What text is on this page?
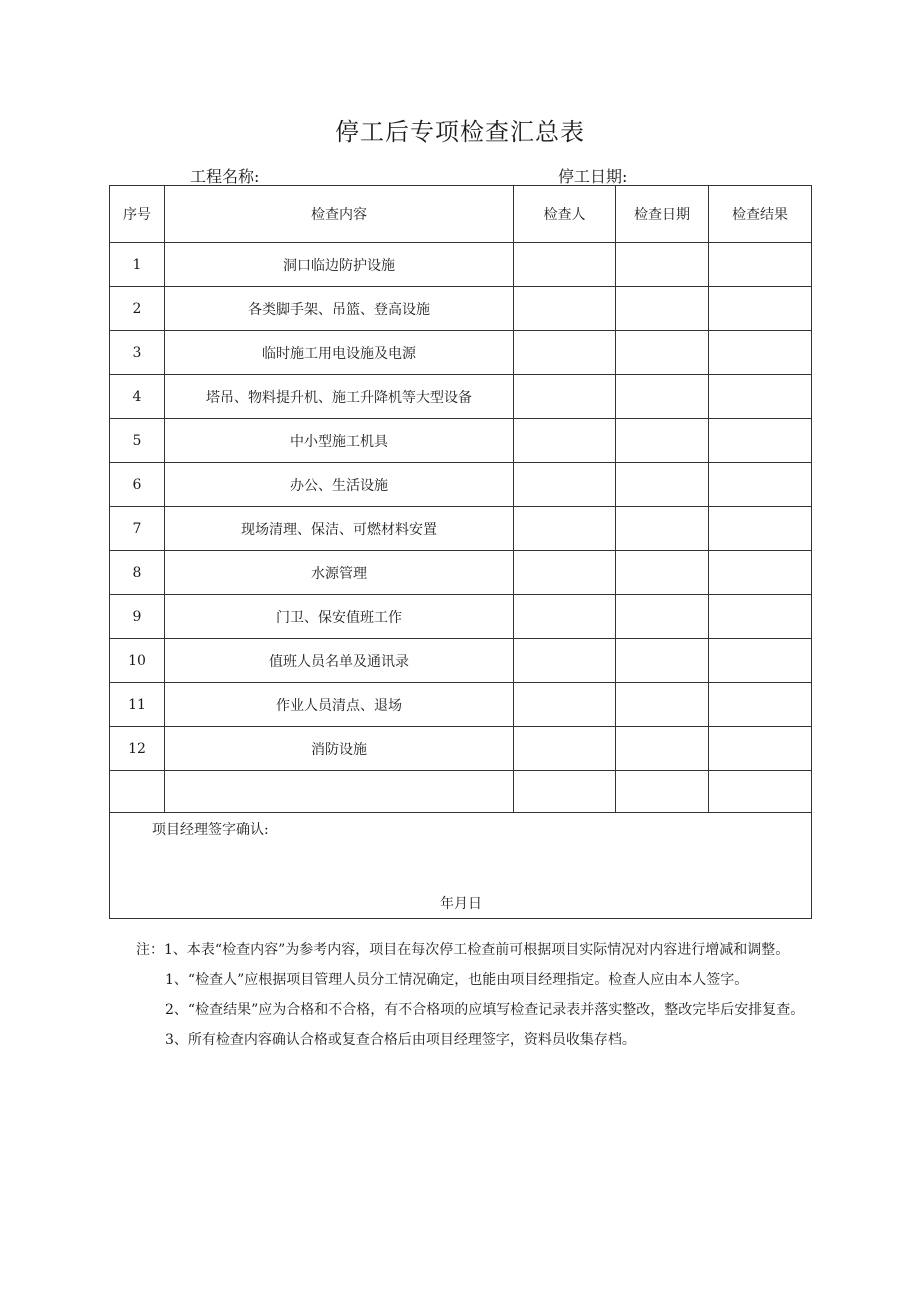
停工后专项检查汇总表
工程名称:	停工日期:
序号	检查内容	检查人	检查日期	检查结果
1	洞口临边防护设施			
2	各类脚手架、吊篮、登高设施			
3	临时施工用电设施及电源			
4	塔吊、物料提升机、施工升降机等大型设备			
5	中小型施工机具			
6	办公、生活设施			
7	现场清理、保洁、可燃材料安置			
8	水源管理			
9	门卫、保安值班工作			
10	值班人员名单及通讯录			
11	作业人员清点、退场			
12	消防设施			

项目经理签字确认:
年月日				

注：1、本表“检查内容”为参考内容，项目在每次停工检查前可根据项目实际情况对内容进行增减和调整。

1、“检查人”应根据项目管理人员分工情况确定，也能由项目经理指定。检查人应由本人签字。

2、“检查结果”应为合格和不合格，有不合格项的应填写检查记录表并落实整改，整改完毕后安排复查。

3、所有检查内容确认合格或复查合格后由项目经理签字，资料员收集存档。
